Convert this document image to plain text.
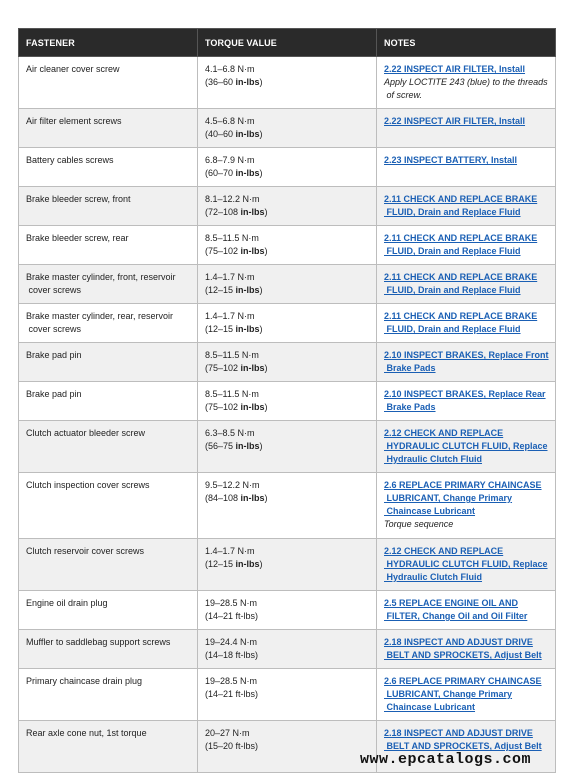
FASTENER	TORQUE VALUE	NOTES

Air cleaner cover screw	4.1–6.8 N·m
(36–60 in-lbs)	2.22 INSPECT AIR FILTER, Install
Apply LOCTITE 243 (blue) to the threads
of screw.

Air filter element screws	4.5–6.8 N·m
(40–60 in-lbs)	2.22 INSPECT AIR FILTER, Install

Battery cables screws	6.8–7.9 N·m
(60–70 in-lbs)	2.23 INSPECT BATTERY, Install

Brake bleeder screw, front	8.1–12.2 N·m
(72–108 in-lbs)	2.11 CHECK AND REPLACE BRAKE
FLUID, Drain and Replace Fluid

Brake bleeder screw, rear	8.5–11.5 N·m
(75–102 in-lbs)	2.11 CHECK AND REPLACE BRAKE
FLUID, Drain and Replace Fluid

Brake master cylinder, front, reservoir
cover screws	1.4–1.7 N·m
(12–15 in-lbs)	2.11 CHECK AND REPLACE BRAKE
FLUID, Drain and Replace Fluid

Brake master cylinder, rear, reservoir
cover screws	1.4–1.7 N·m
(12–15 in-lbs)	2.11 CHECK AND REPLACE BRAKE
FLUID, Drain and Replace Fluid

Brake pad pin	8.5–11.5 N·m
(75–102 in-lbs)	2.10 INSPECT BRAKES, Replace Front
Brake Pads

Brake pad pin	8.5–11.5 N·m
(75–102 in-lbs)	2.10 INSPECT BRAKES, Replace Rear
Brake Pads

Clutch actuator bleeder screw	6.3–8.5 N·m
(56–75 in-lbs)	2.12 CHECK AND REPLACE
HYDRAULIC CLUTCH FLUID, Replace
Hydraulic Clutch Fluid

Clutch inspection cover screws	9.5–12.2 N·m
(84–108 in-lbs)	2.6 REPLACE PRIMARY CHAINCASE
LUBRICANT, Change Primary
Chaincase Lubricant
Torque sequence

Clutch reservoir cover screws	1.4–1.7 N·m
(12–15 in-lbs)	2.12 CHECK AND REPLACE
HYDRAULIC CLUTCH FLUID, Replace
Hydraulic Clutch Fluid

Engine oil drain plug	19–28.5 N·m
(14–21 ft-lbs)	2.5 REPLACE ENGINE OIL AND
FILTER, Change Oil and Oil Filter

Muffler to saddlebag support screws	19–24.4 N·m
(14–18 ft-lbs)	2.18 INSPECT AND ADJUST DRIVE
BELT AND SPROCKETS, Adjust Belt

Primary chaincase drain plug	19–28.5 N·m
(14–21 ft-lbs)	2.6 REPLACE PRIMARY CHAINCASE
LUBRICANT, Change Primary
Chaincase Lubricant

Rear axle cone nut, 1st torque	20–27 N·m
(15–20 ft-lbs)	2.18 INSPECT AND ADJUST DRIVE
BELT AND SPROCKETS, Adjust Belt
www.epcatalogs.com
